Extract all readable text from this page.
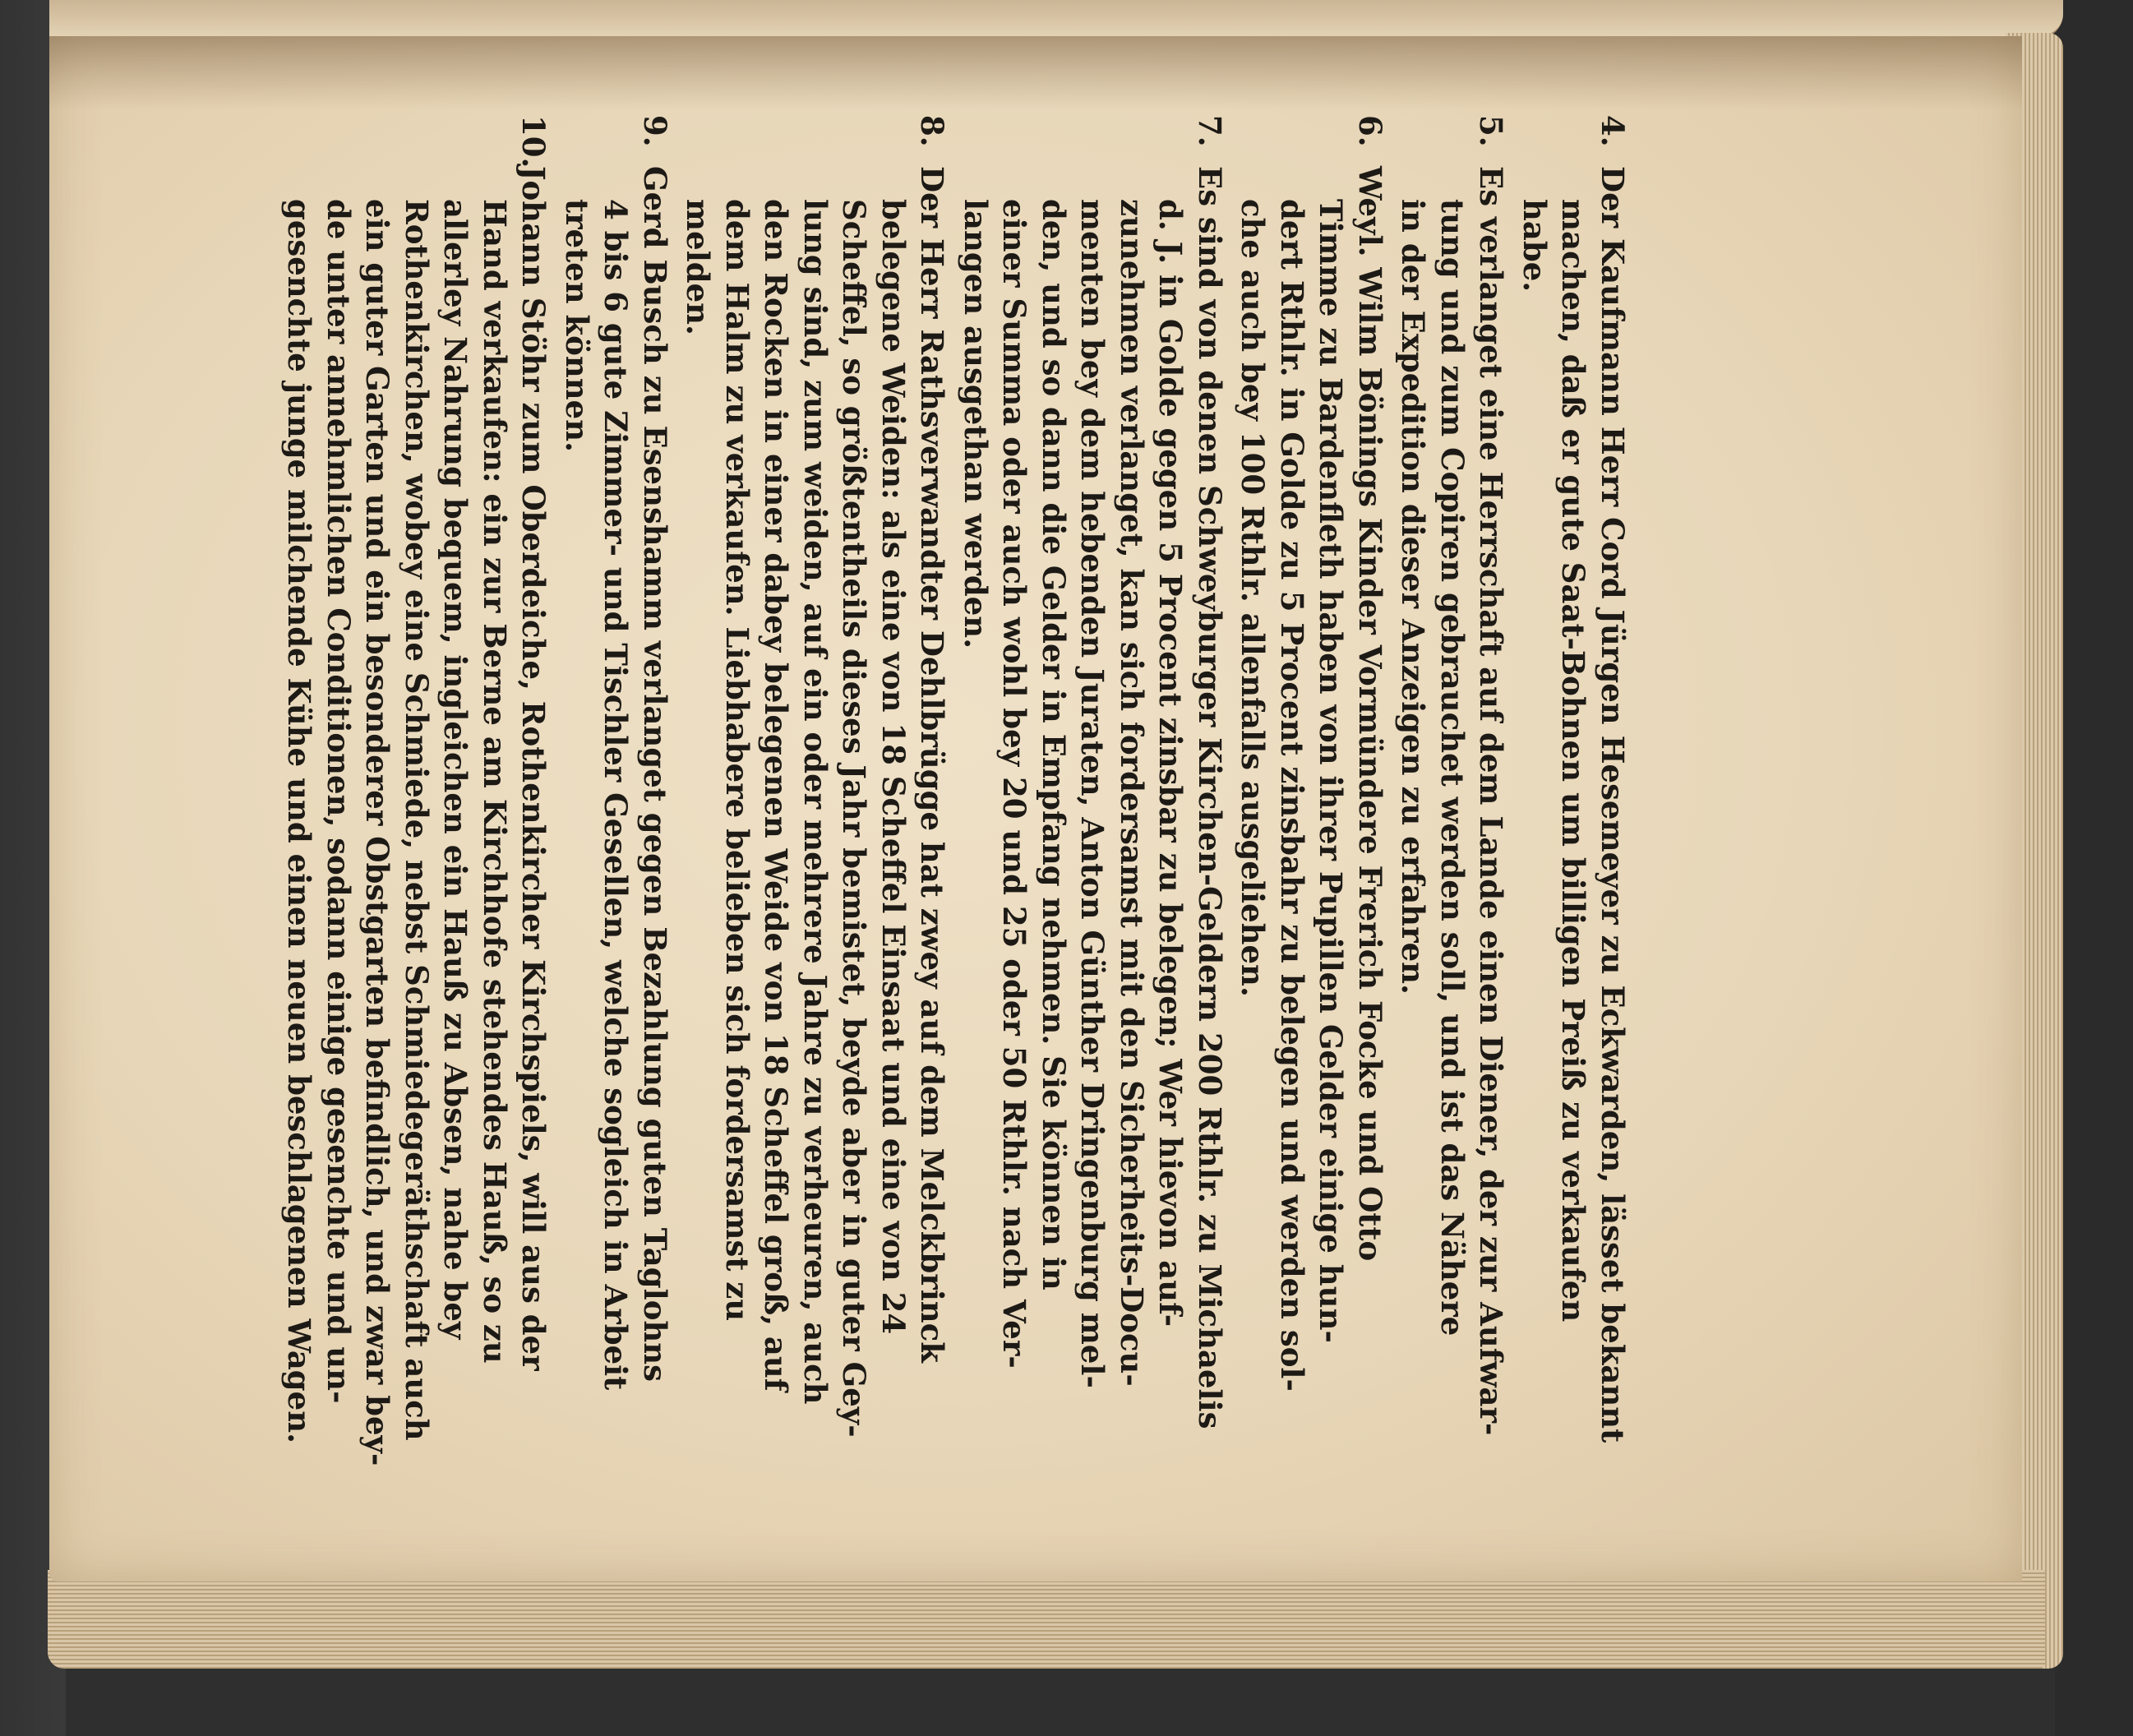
4.
Der Kaufmann Herr Cord Jürgen Hesemeyer zu Eckwarden, lässet bekannt
machen, daß er gute Saat-Bohnen um billigen Preiß zu verkaufen
habe.
5.
Es verlanget eine Herrschaft auf dem Lande einen Diener, der zur Aufwar-
tung und zum Copiren gebrauchet werden soll, und ist das Nähere
in der Expedition dieser Anzeigen zu erfahren.
6.
Weyl. Wilm Bönings Kinder Vormündere Frerich Focke und Otto
Timme zu Bardenfleth haben von ihrer Pupillen Gelder einige hun-
dert Rthlr. in Golde zu 5 Procent zinsbahr zu belegen und werden sol-
che auch bey 100 Rthlr. allenfalls ausgeliehen.
7.
Es sind von denen Schweyburger Kirchen-Geldern 200 Rthlr. zu Michaelis
d. J. in Golde gegen 5 Procent zinsbar zu belegen; Wer hievon auf-
zunehmen verlanget, kan sich fordersamst mit den Sicherheits-Docu-
menten bey dem hebenden Juraten, Anton Günther Dringenburg mel-
den, und so dann die Gelder in Empfang nehmen. Sie können in
einer Summa oder auch wohl bey 20 und 25 oder 50 Rthlr. nach Ver-
langen ausgethan werden.
8.
Der Herr Rathsverwandter Dehlbrügge hat zwey auf dem Melckbrinck
belegene Weiden: als eine von 18 Scheffel Einsaat und eine von 24
Scheffel, so größtentheils dieses Jahr bemistet, beyde aber in guter Gey-
lung sind, zum weiden, auf ein oder mehrere Jahre zu verheuren, auch
den Rocken in einer dabey belegenen Weide von 18 Scheffel groß, auf
dem Halm zu verkaufen. Liebhabere belieben sich fordersamst zu
melden.
9.
Gerd Busch zu Esenshamm verlanget gegen Bezahlung guten Taglohns
4 bis 6 gute Zimmer- und Tischler Gesellen, welche sogleich in Arbeit
treten können.
10.
Johann Stöhr zum Oberdeiche, Rothenkircher Kirchspiels, will aus der
Hand verkaufen: ein zur Berne am Kirchhofe stehendes Hauß, so zu
allerley Nahrung bequem, ingleichen ein Hauß zu Absen, nahe bey
Rothenkirchen, wobey eine Schmiede, nebst Schmiedegeräthschaft auch
ein guter Garten und ein besonderer Obstgarten befindlich, und zwar bey-
de unter annehmlichen Conditionen, sodann einige gesenchte und un-
gesenchte junge milchende Kühe und einen neuen beschlagenen Wagen.
